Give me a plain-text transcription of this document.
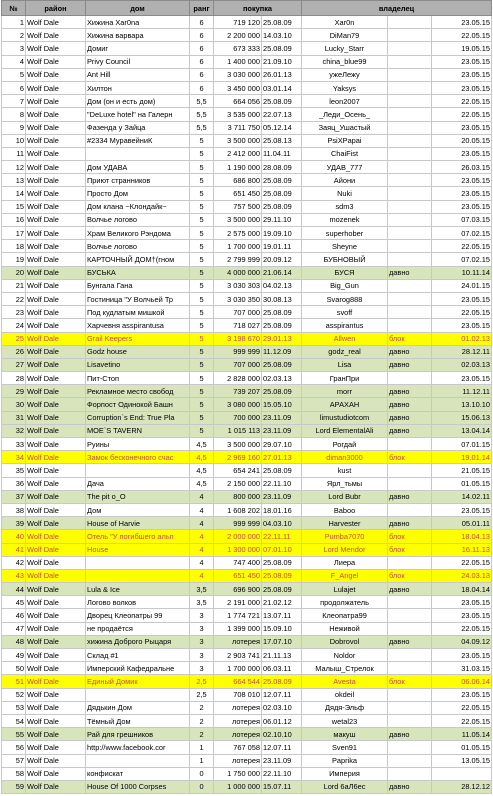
№	район	дом	ранг	покупка		владелец		
1	Wolf Dale	Хижина Xar0na	6	719 120	25.08.09	Xar0n		23.05.15
2	Wolf Dale	Хижина варвара	6	2 200 000	14.03.10	DiMan79		22.05.15
3	Wolf Dale	Домиг	6	673 333	25.08.09	Lucky_Starr		19.05.15
4	Wolf Dale	Privy Council	6	1 400 000	21.09.10	china_blue99		23.05.15
5	Wolf Dale	Ant Hill	6	3 030 000	26.01.13	ужеЛежу		23.05.15
6	Wolf Dale	Хилтон	6	3 450 000	03.01.14	Yaksys		23.05.15
7	Wolf Dale	Дом (он и есть дом)	5,5	664 056	25.08.09	leon2007		22.05.15
8	Wolf Dale	"DeLuxe hotel" на Галерн	5,5	3 535 000	22.07.13	_Леди_Осень_		22.05.15
9	Wolf Dale	Фазенда у Зайца	5,5	3 711 750	05.12.14	Заяц_Ушастый		23.05.15
10	Wolf Dale	#2334 МуравейниК	5	3 500 000	25.08.13	PsiXPapai		20.05.15
11	Wolf Dale		5	2 412 000	11.04.11	ChaiFist		23.05.15
12	Wolf Dale	Дом УДАВА	5	1 190 000	28.08.09	УДАВ_777		26.03.15
13	Wolf Dale	Приют странников	5	686 800	25.08.09	Айони		23.05.15
14	Wolf Dale	Просто Дом	5	651 450	25.08.09	Nuki		23.05.15
15	Wolf Dale	Дом клана ~Клондайк~	5	757 500	25.08.09	sdm3		23.05.15
16	Wolf Dale	Волчье логово	5	3 500 000	29.11.10	mozenek		07.03.15
17	Wolf Dale	Храм Великого Рэндома	5	2 575 000	19.09.10	superhober		07.02.15
18	Wolf Dale	Волчье логово	5	1 700 000	19.01.11	Sheyne		22.05.15
19	Wolf Dale	КАРТОЧНЫЙ ДОМ†(гном	5	2 799 999	20.09.12	БУБНОВЫЙ		07.02.15
20	Wolf Dale	БУСЬКА	5	4 000 000	21.06.14	БУСЯ	давно	10.11.14
21	Wolf Dale	Бунгала Гана	5	3 030 303	04.02.13	Big_Gun		24.01.15
22	Wolf Dale	Гостиница "У Волчьей Тр	5	3 030 350	30.08.13	Svarog888		23.05.15
23	Wolf Dale	Под кудлатым мишкой	5	707 000	25.08.09	svoff		22.05.15
24	Wolf Dale	Харчевня asspirantusa	5	718 027	25.08.09	asspirantus		23.05.15
25	Wolf Dale	Grail Keepers	5	3 198 670	29.01.13	Allwen	блок	01.02.13
26	Wolf Dale	Godz house	5	999 999	11.12.09	godz_real	давно	28.12.11
27	Wolf Dale	Lisavetino	5	707 000	25.08.09	Lisa	давно	02.03.13
28	Wolf Dale	Пит-Стоп	5	2 828 000	02.03.13	ГранПри		23.05.15
29	Wolf Dale	Рекламное место свобод	5	739 207	25.08.09	morr	давно	11.12.11
30	Wolf Dale	Форпост Одинокой Башн	5	3 080 000	15.05.10	АРАХАН	давно	13.10.10
31	Wolf Dale	Corruption`s End: True Pla	5	700 000	23.11.09	limustudiotcom	давно	15.06.13
32	Wolf Dale	MOE`S TAVERN	5	1 015 113	23.11.09	Lord ElementalAli	давно	13.04.14
33	Wolf Dale	Руины	4,5	3 500 000	29.07.10	Рогдай		07.01.15
34	Wolf Dale	Замок бесконечного счас	4,5	2 969 160	27.01.13	diman3000	блок	19.01.14
35	Wolf Dale		4,5	654 241	25.08.09	kust		21.05.15
36	Wolf Dale	Дача	4,5	2 150 000	22.11.10	Ярл_тьмы		01.05.15
37	Wolf Dale	The pit o_O	4	800 000	23.11.09	Lord Bubr	давно	14.02.11
38	Wolf Dale	Дом	4	1 608 202	18.01.16	Baboo		23.05.15
39	Wolf Dale	House of Harvie	4	999 999	04.03.10	Harvester	давно	05.01.11
40	Wolf Dale	Отель "У погибшего альп	4	2 000 000	22.11.11	Pumba7070	блок	18.04.13
41	Wolf Dale	House	4	1 300 000	07.01.10	Lord Mendor	блок	16.11.13
42	Wolf Dale		4	747 400	25.08.09	Лиера		22.05.15
43	Wolf Dale		4	651 450	25.08.09	F_Angel	блок	24.03.13
44	Wolf Dale	Lula & Ice	3,5	696 900	25.08.09	Lulajet	давно	18.04.14
45	Wolf Dale	Логово волков	3,5	2 191 000	21.02.12	продолжатель		23.05.15
46	Wolf Dale	Дворец Клеопатры 99	3	1 774 721	13.07.11	Клеопатра99		23.05.15
47	Wolf Dale	не продаётся	3	1 399 000	15.09.10	Неживой		22.05.15
48	Wolf Dale	хижина Доброго Рыцаря	3	лотерея	17.07.10	Dobrovol	давно	04.09.12
49	Wolf Dale	Склад #1	3	2 903 741	21.11.13	Noldor		23.05.15
50	Wolf Dale	Имперский Кафедральне	3	1 700 000	06.03.11	Малыш_Стрелок		31.03.15
51	Wolf Dale	Единый Домик	2,5	664 544	25.08.09	Avesta	блок	06.06.14
52	Wolf Dale		2,5	708 010	12.07.11	okdeil		23.05.15
53	Wolf Dale	Дядькин Дом	2	лотерея	02.03.10	Дядя-Эльф		22.05.15
54	Wolf Dale	Тёмный Дом	2	лотерея	06.01.12	wetal23		22.05.15
55	Wolf Dale	Рай для грешников	2	лотерея	02.10.10	макуш	давно	11.05.14
56	Wolf Dale	http://www.facebook.cor	1	767 058	12.07.11	Sven91		01.05.15
57	Wolf Dale		1	лотерея	23.11.09	Paprika		13.05.15
58	Wolf Dale	конфискат	0	1 750 000	22.11.10	Империя		
59	Wolf Dale	House Of 1000 Corpses	0	1 000 000	15.07.11	Lord 6aЛ6eс	давно	28.12.12
